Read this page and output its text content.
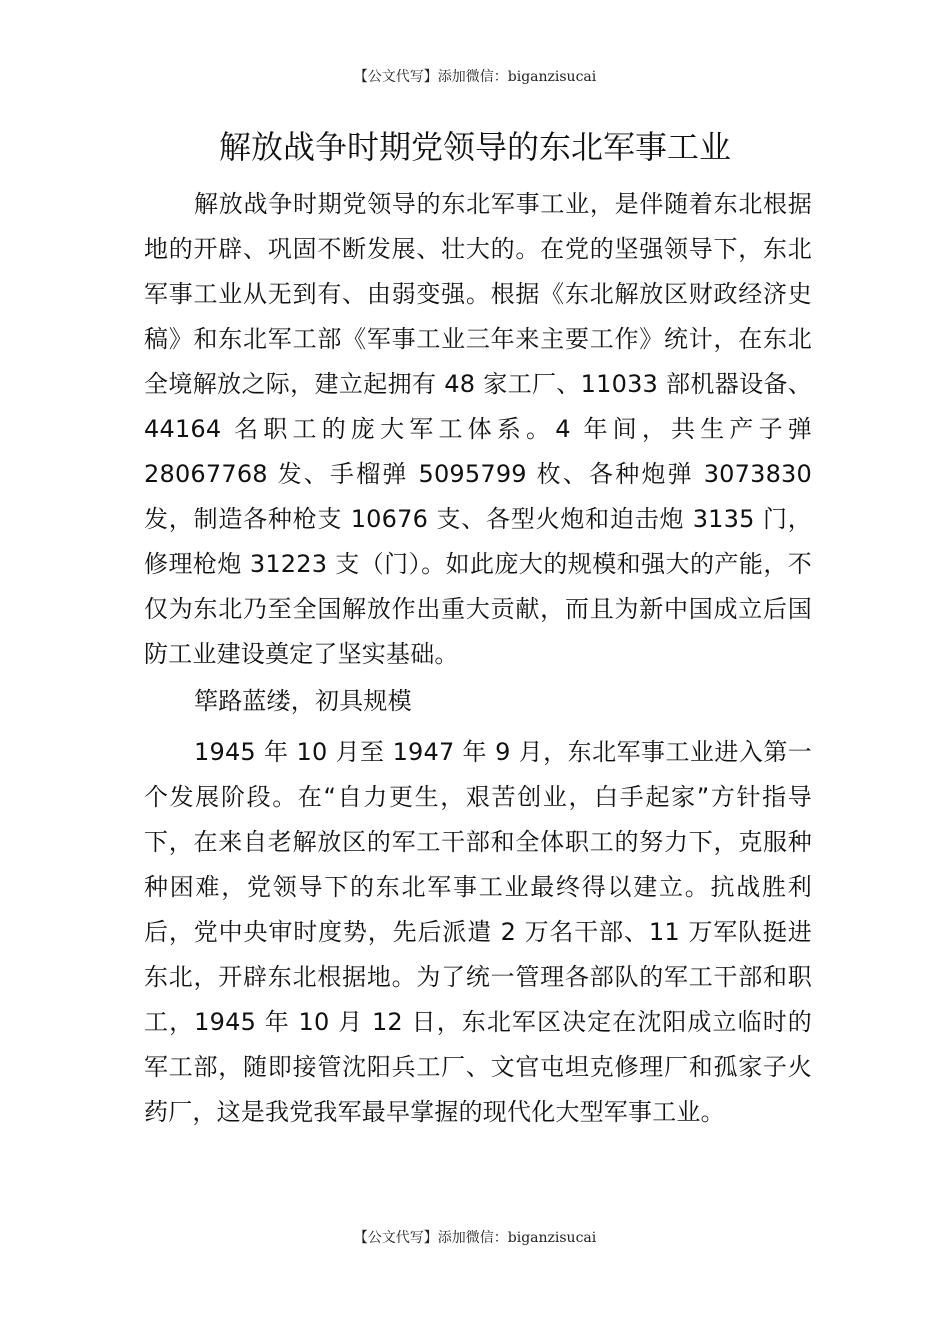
【公文代写】添加微信：biganzisucai
解放战争时期党领导的东北军事工业

解放战争时期党领导的东北军事工业，是伴随着东北根据地的开辟、巩固不断发展、壮大的。在党的坚强领导下，东北军事工业从无到有、由弱变强。根据《东北解放区财政经济史稿》和东北军工部《军事工业三年来主要工作》统计，在东北全境解放之际，建立起拥有 48 家工厂、11033 部机器设备、44164 名职工的庞大军工体系。4 年间，共生产子弹 28067768 发、手榴弹 5095799 枚、各种炮弹 3073830 发，制造各种枪支 10676 支、各型火炮和迫击炮 3135 门，修理枪炮 31223 支（门）。如此庞大的规模和强大的产能，不仅为东北乃至全国解放作出重大贡献，而且为新中国成立后国防工业建设奠定了坚实基础。

筚路蓝缕，初具规模

1945 年 10 月至 1947 年 9 月，东北军事工业进入第一个发展阶段。在“自力更生，艰苦创业，白手起家”方针指导下，在来自老解放区的军工干部和全体职工的努力下，克服种种困难，党领导下的东北军事工业最终得以建立。抗战胜利后，党中央审时度势，先后派遣 2 万名干部、11 万军队挺进东北，开辟东北根据地。为了统一管理各部队的军工干部和职工，1945 年 10 月 12 日，东北军区决定在沈阳成立临时的军工部，随即接管沈阳兵工厂、文官屯坦克修理厂和孤家子火药厂，这是我党我军最早掌握的现代化大型军事工业。

【公文代写】添加微信：biganzisucai
